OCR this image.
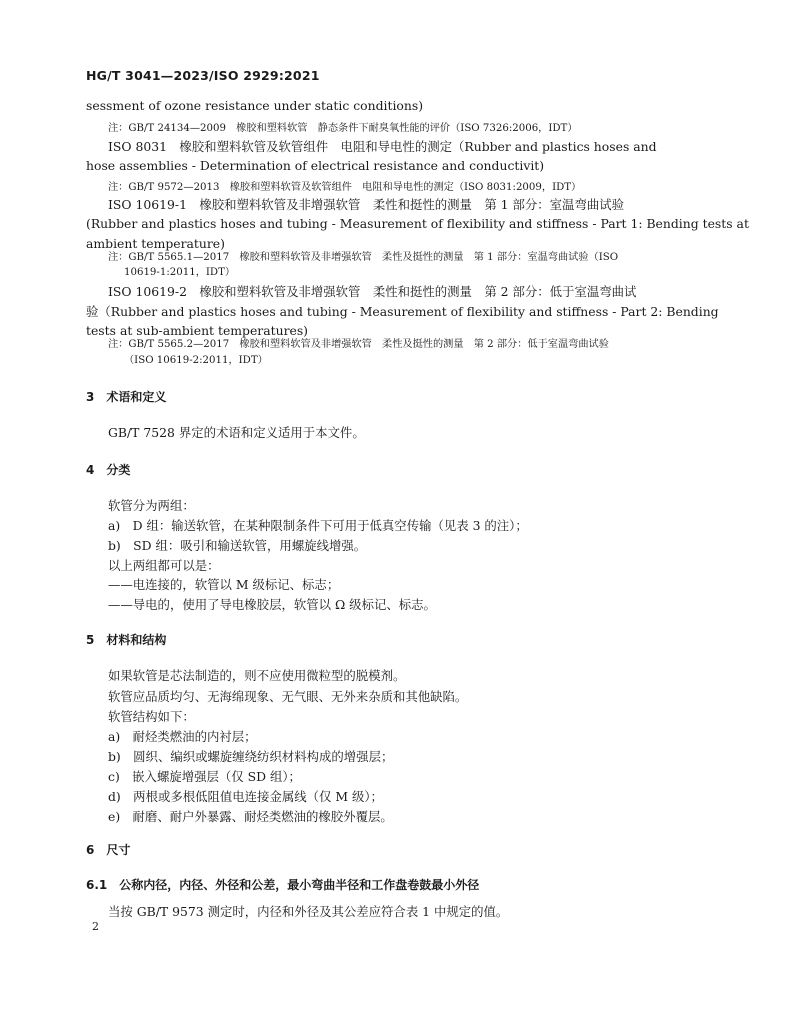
HG/T 3041—2023/ISO 2929:2021
sessment of ozone resistance under static conditions)
注：GB/T 24134—2009　橡胶和塑料软管　静态条件下耐臭氧性能的评价（ISO 7326:2006，IDT）
ISO 8031　橡胶和塑料软管及软管组件　电阻和导电性的测定（Rubber and plastics hoses and
hose assemblies - Determination of electrical resistance and conductivit)
注：GB/T 9572—2013　橡胶和塑料软管及软管组件　电阻和导电性的测定（ISO 8031:2009，IDT）
ISO 10619-1　橡胶和塑料软管及非增强软管　柔性和挺性的测量　第 1 部分：室温弯曲试验
(Rubber and plastics hoses and tubing - Measurement of flexibility and stiffness - Part 1: Bending tests at
ambient temperature)
注：GB/T 5565.1—2017　橡胶和塑料软管及非增强软管　柔性及挺性的测量　第 1 部分：室温弯曲试验（ISO
10619-1:2011，IDT）
ISO 10619-2　橡胶和塑料软管及非增强软管　柔性和挺性的测量　第 2 部分：低于室温弯曲试
验（Rubber and plastics hoses and tubing - Measurement of flexibility and stiffness - Part 2: Bending
tests at sub-ambient temperatures)
注：GB/T 5565.2—2017　橡胶和塑料软管及非增强软管　柔性及挺性的测量　第 2 部分：低于室温弯曲试验
（ISO 10619-2:2011，IDT）
3　术语和定义
GB/T 7528 界定的术语和定义适用于本文件。
4　分类
软管分为两组：
a)　D 组：输送软管，在某种限制条件下可用于低真空传输（见表 3 的注）；
b)　SD 组：吸引和输送软管，用螺旋线增强。
以上两组都可以是：
——电连接的，软管以 M 级标记、标志；
——导电的，使用了导电橡胶层，软管以 Ω 级标记、标志。
5　材料和结构
如果软管是芯法制造的，则不应使用微粒型的脱模剂。
软管应品质均匀、无海绵现象、无气眼、无外来杂质和其他缺陷。
软管结构如下：
a)　耐烃类燃油的内衬层；
b)　圆织、编织或螺旋缠绕纺织材料构成的增强层；
c)　嵌入螺旋增强层（仅 SD 组）；
d)　两根或多根低阻值电连接金属线（仅 M 级）；
e)　耐磨、耐户外暴露、耐烃类燃油的橡胶外覆层。
6　尺寸
6.1　公称内径，内径、外径和公差，最小弯曲半径和工作盘卷鼓最小外径
当按 GB/T 9573 测定时，内径和外径及其公差应符合表 1 中规定的值。
2
